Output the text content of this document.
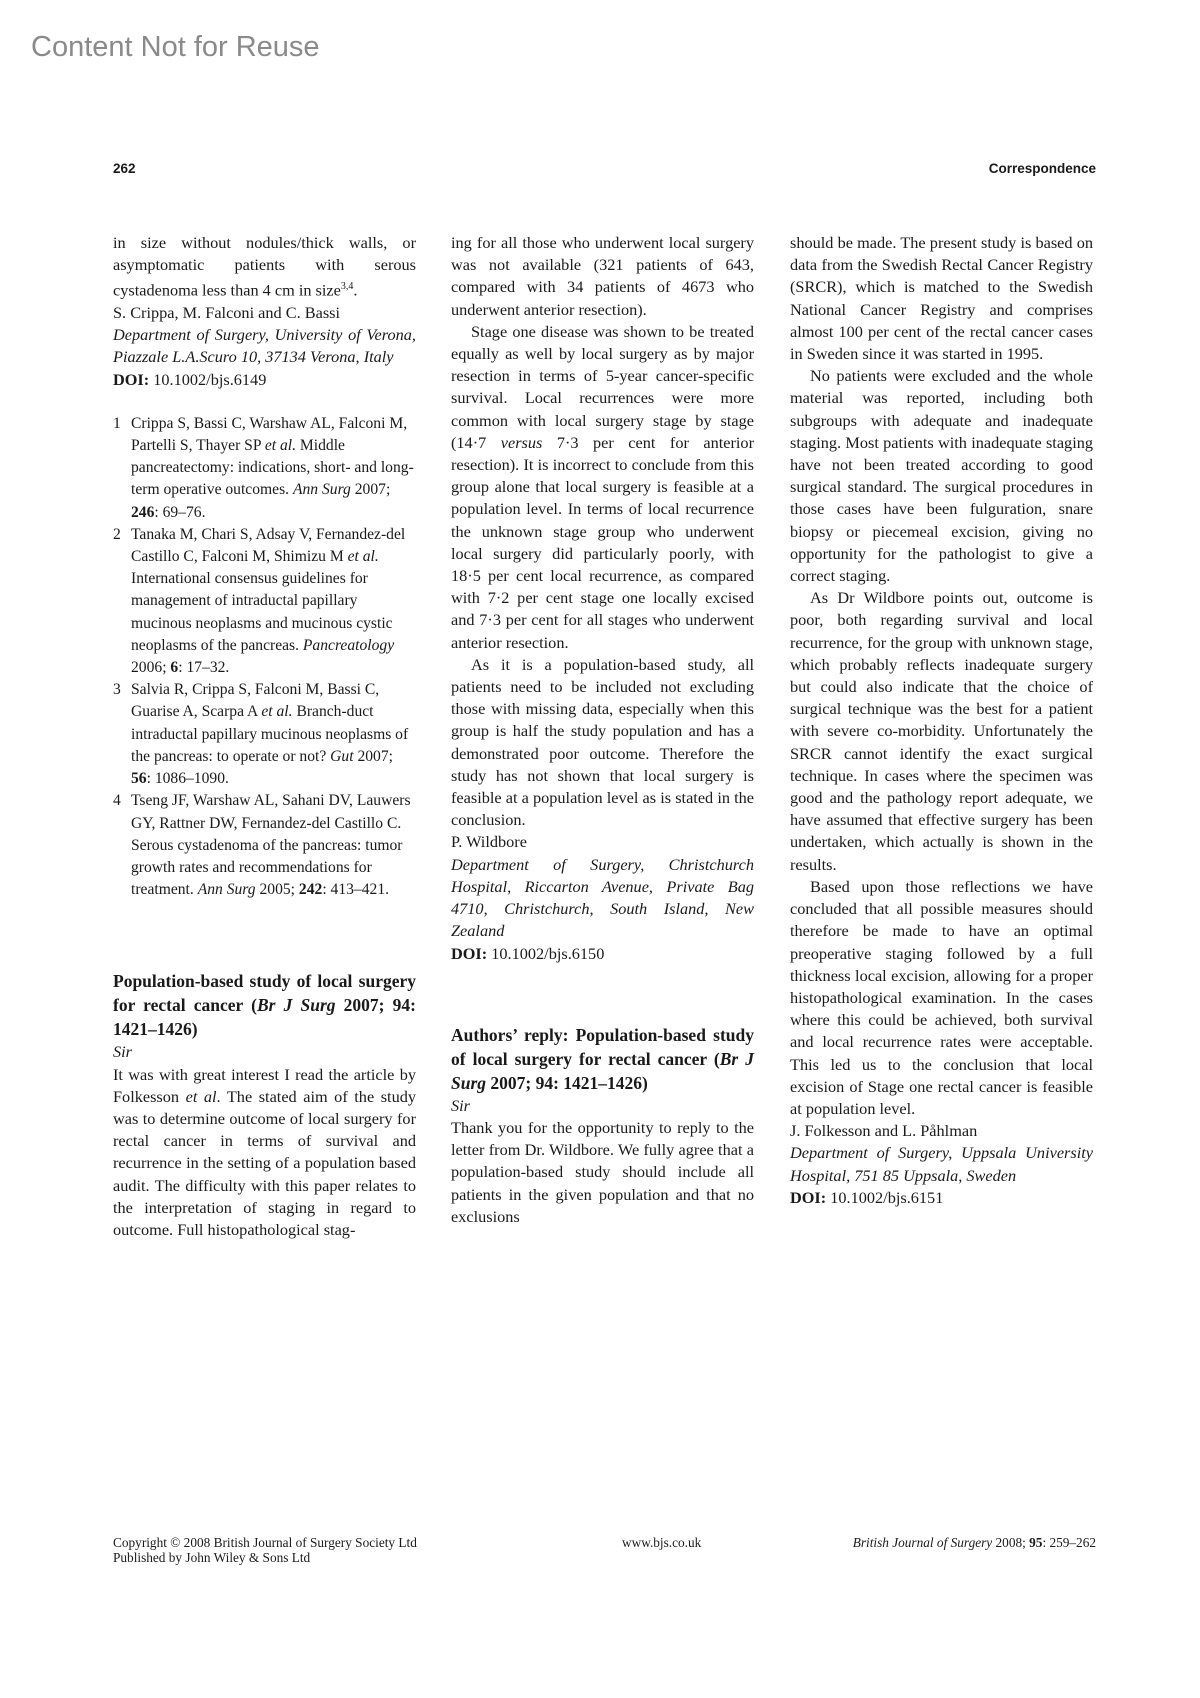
Content Not for Reuse
262	Correspondence

in size without nodules/thick walls, or asymptomatic patients with serous cystadenoma less than 4 cm in size$^{3,4}$.

S. Crippa, M. Falconi and C. Bassi

Department of Surgery, University of Verona, Piazzale L.A.Scuro 10, 37134 Verona, Italy

DOI: 10.1002/bjs.6149

1 Crippa S, Bassi C, Warshaw AL, Falconi M, Partelli S, Thayer SP et al. Middle pancreatectomy: indications, short- and long-term operative outcomes. Ann Surg 2007; 246: 69–76.
2 Tanaka M, Chari S, Adsay V, Fernandez-del Castillo C, Falconi M, Shimizu M et al. International consensus guidelines for management of intraductal papillary mucinous neoplasms and mucinous cystic neoplasms of the pancreas. Pancreatology 2006; 6: 17–32.
3 Salvia R, Crippa S, Falconi M, Bassi C, Guarise A, Scarpa A et al. Branch-duct intraductal papillary mucinous neoplasms of the pancreas: to operate or not? Gut 2007; 56: 1086–1090.
4 Tseng JF, Warshaw AL, Sahani DV, Lauwers GY, Rattner DW, Fernandez-del Castillo C. Serous cystadenoma of the pancreas: tumor growth rates and recommendations for treatment. Ann Surg 2005; 242: 413–421.

Population-based study of local surgery for rectal cancer (Br J Surg 2007; 94: 1421–1426)

Sir

It was with great interest I read the article by Folkesson et al. The stated aim of the study was to determine outcome of local surgery for rectal cancer in terms of survival and recurrence in the setting of a population based audit. The difficulty with this paper relates to the interpretation of staging in regard to outcome. Full histopathological stag-

ing for all those who underwent local surgery was not available (321 patients of 643, compared with 34 patients of 4673 who underwent anterior resection).

Stage one disease was shown to be treated equally as well by local surgery as by major resection in terms of 5-year cancer-specific survival. Local recurrences were more common with local surgery stage by stage (14·7 versus 7·3 per cent for anterior resection). It is incorrect to conclude from this group alone that local surgery is feasible at a population level. In terms of local recurrence the unknown stage group who underwent local surgery did particularly poorly, with 18·5 per cent local recurrence, as compared with 7·2 per cent stage one locally excised and 7·3 per cent for all stages who underwent anterior resection.

As it is a population-based study, all patients need to be included not excluding those with missing data, especially when this group is half the study population and has a demonstrated poor outcome. Therefore the study has not shown that local surgery is feasible at a population level as is stated in the conclusion.

P. Wildbore

Department of Surgery, Christchurch Hospital, Riccarton Avenue, Private Bag 4710, Christchurch, South Island, New Zealand

DOI: 10.1002/bjs.6150

Authors’ reply: Population-based study of local surgery for rectal cancer (Br J Surg 2007; 94: 1421–1426)

Sir

Thank you for the opportunity to reply to the letter from Dr. Wildbore. We fully agree that a population-based study should include all patients in the given population and that no exclusions

should be made. The present study is based on data from the Swedish Rectal Cancer Registry (SRCR), which is matched to the Swedish National Cancer Registry and comprises almost 100 per cent of the rectal cancer cases in Sweden since it was started in 1995.

No patients were excluded and the whole material was reported, including both subgroups with adequate and inadequate staging. Most patients with inadequate staging have not been treated according to good surgical standard. The surgical procedures in those cases have been fulguration, snare biopsy or piecemeal excision, giving no opportunity for the pathologist to give a correct staging.

As Dr Wildbore points out, outcome is poor, both regarding survival and local recurrence, for the group with unknown stage, which probably reflects inadequate surgery but could also indicate that the choice of surgical technique was the best for a patient with severe co-morbidity. Unfortunately the SRCR cannot identify the exact surgical technique. In cases where the specimen was good and the pathology report adequate, we have assumed that effective surgery has been undertaken, which actually is shown in the results.

Based upon those reflections we have concluded that all possible measures should therefore be made to have an optimal preoperative staging followed by a full thickness local excision, allowing for a proper histopathological examination. In the cases where this could be achieved, both survival and local recurrence rates were acceptable. This led us to the conclusion that local excision of Stage one rectal cancer is feasible at population level.

J. Folkesson and L. Påhlman

Department of Surgery, Uppsala University Hospital, 751 85 Uppsala, Sweden

DOI: 10.1002/bjs.6151

Copyright © 2008 British Journal of Surgery Society Ltd
Published by John Wiley & Sons Ltd
www.bjs.co.uk	British Journal of Surgery 2008; 95: 259–262
